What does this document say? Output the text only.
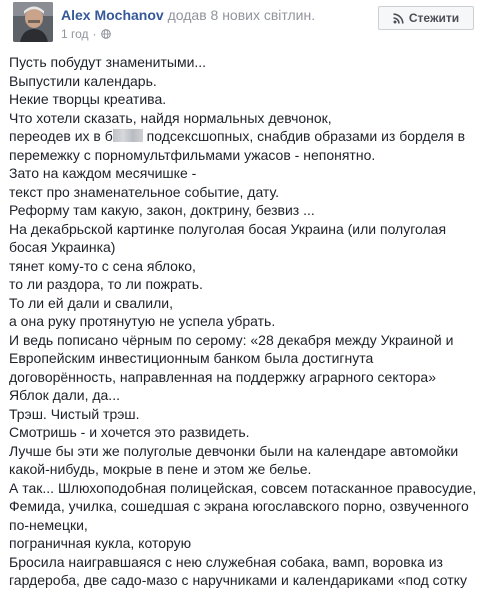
Alex Mochanov додав 8 нових світлин.
1 год ·
Стежити
Пусть побудут знаменитыми...
Выпустили календарь.
Некие творцы креатива.
Что хотели сказать, найдя нормальных девчонок,
переодев их в б подсексшопных, снабдив образами из борделя в
перемежку с порномультфильмами ужасов - непонятно.
Зато на каждом месячишке -
текст про знаменательное событие, дату.
Реформу там какую, закон, доктрину, безвиз ...
На декабрьской картинке полуголая босая Украина (или полуголая
босая Украинка)
тянет кому-то с сена яблоко,
то ли раздора, то ли пожрать.
То ли ей дали и свалили,
а она руку протянутую не успела убрать.
И ведь пописано чёрным по серому: «28 декабря между Украиной и
Европейским инвестиционным банком была достигнута
договорённость, направленная на поддержку аграрного сектора»
Яблок дали, да...
Трэш. Чистый трэш.
Смотришь - и хочется это развидеть.
Лучше бы эти же полуголые девчонки были на календаре автомойки
какой-нибудь, мокрые в пене и этом же белье.
А так... Шлюхоподобная полицейская, совсем потасканное правосудие,
Фемида, училка, сошедшая с экрана югославского порно, озвученного
по-немецки,
пограничная кукла, которую
Бросила наигравшаяся с нею служебная собака, вамп, воровка из
гардероба, две садо-мазо с наручниками и календариками «под сотку
